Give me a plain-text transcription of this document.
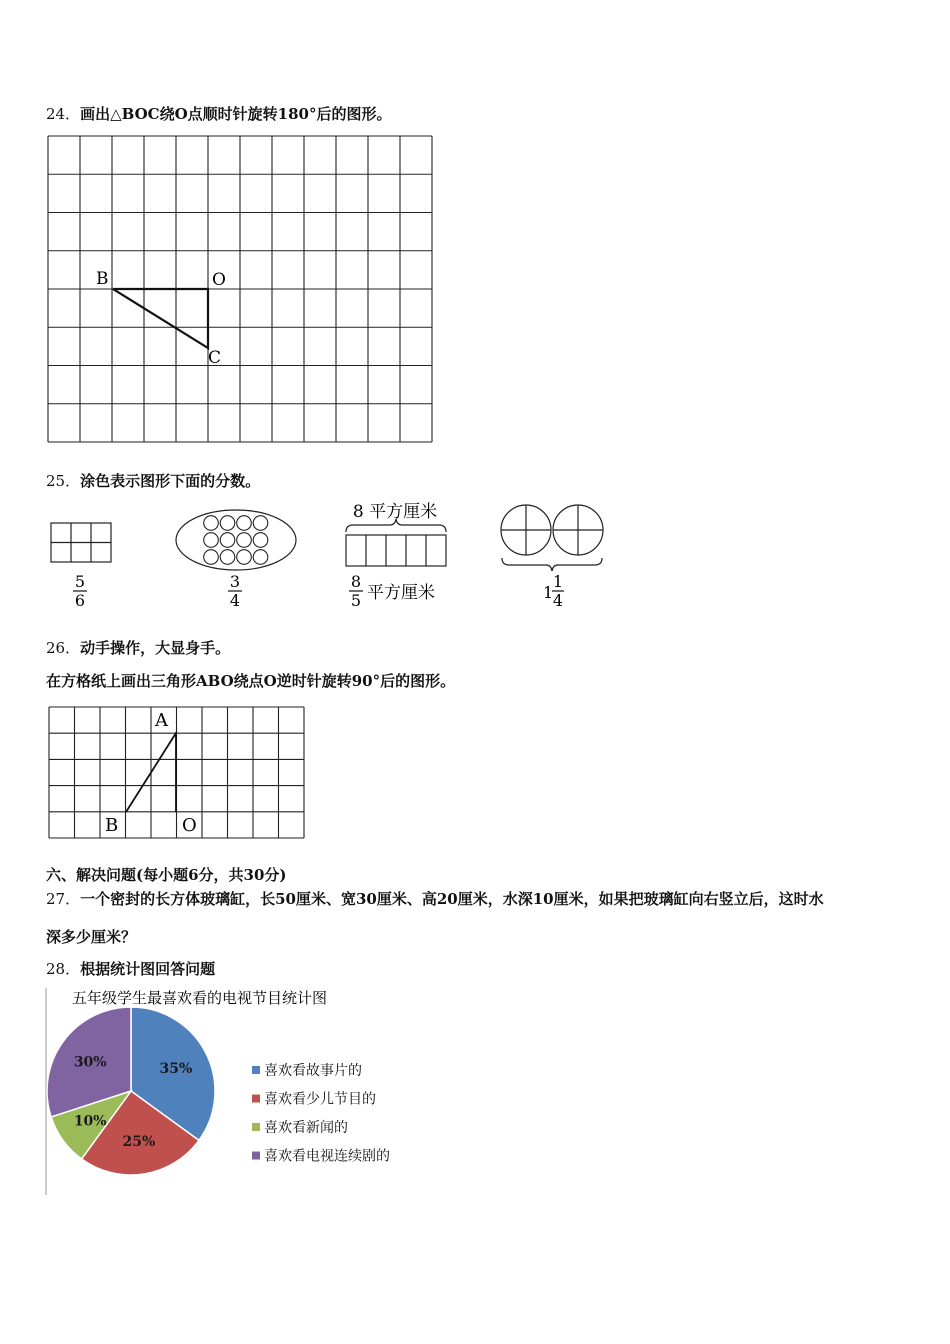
24．画出△BOC绕O点顺时针旋转180°后的图形。
B	O
C
25．涂色表示图形下面的分数。
5
6
3
4
8 平方厘米
8
5 平方厘米	1
1
4
26．动手操作，大显身手。
在方格纸上画出三角形ABO绕点O逆时针旋转90°后的图形。
A
B	O
六、解决问题(每小题6分，共30分)
27．一个密封的长方体玻璃缸，长50厘米、宽30厘米、高20厘米，水深10厘米，如果把玻璃缸向右竖立后，这时水
深多少厘米？
28．根据统计图回答问题
五年级学生最喜欢看的电视节目统计图
35%
25%
10%
30%
喜欢看故事片的
喜欢看少儿节目的
喜欢看新闻的
喜欢看电视连续剧的
